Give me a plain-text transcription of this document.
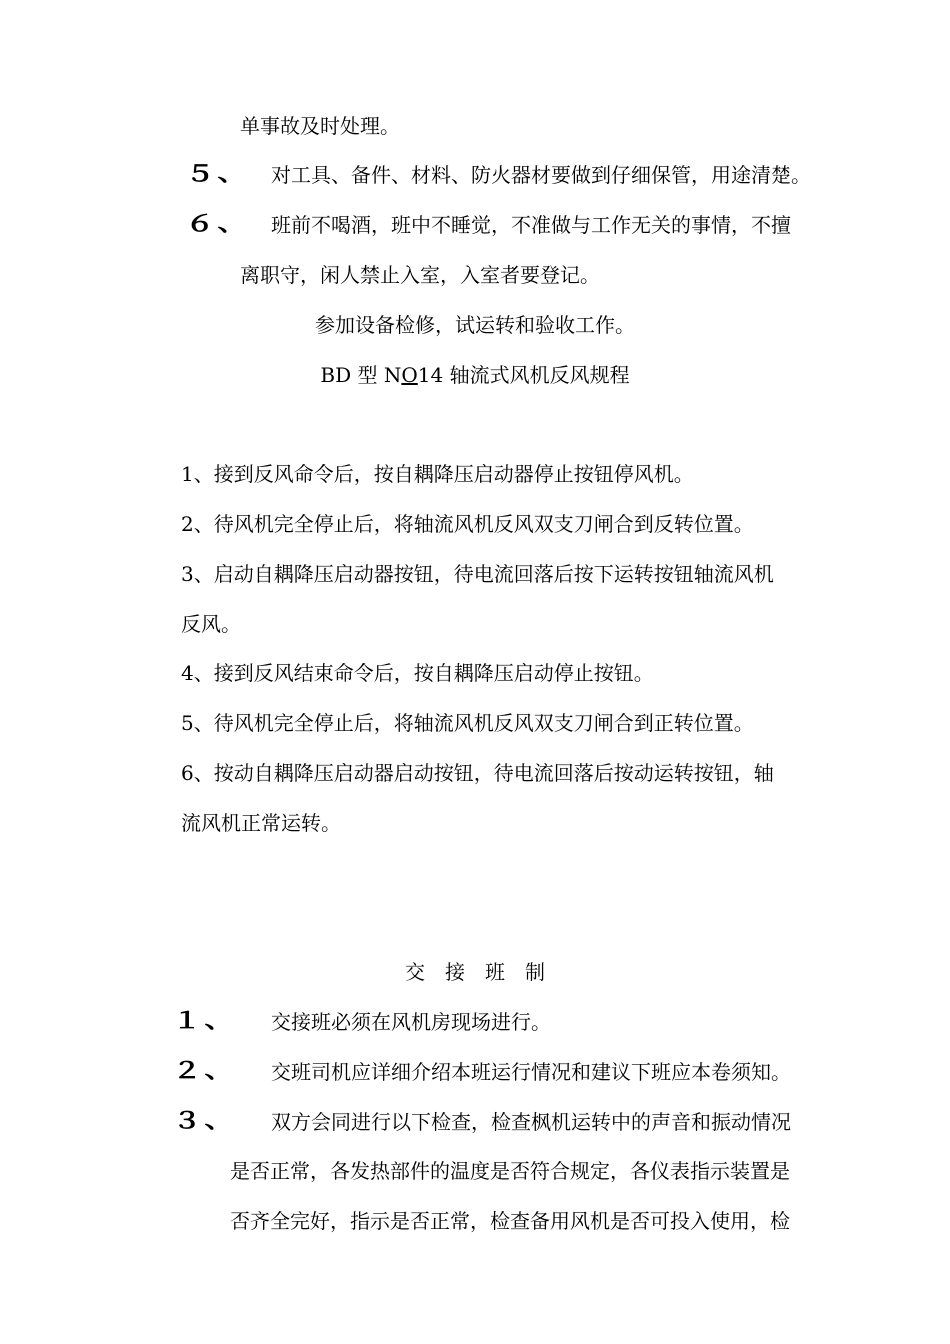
单事故及时处理。
５、 对工具、备件、材料、防火器材要做到仔细保管，用途清楚。
６、 班前不喝酒，班中不睡觉，不准做与工作无关的事情，不擅
离职守，闲人禁止入室，入室者要登记。
参加设备检修，试运转和验收工作。
BD 型 NO14 轴流式风机反风规程
1、接到反风命令后，按自耦降压启动器停止按钮停风机。
2、待风机完全停止后，将轴流风机反风双支刀闸合到反转位置。
3、启动自耦降压启动器按钮，待电流回落后按下运转按钮轴流风机
反风。
4、接到反风结束命令后，按自耦降压启动停止按钮。
5、待风机完全停止后，将轴流风机反风双支刀闸合到正转位置。
6、按动自耦降压启动器启动按钮，待电流回落后按动运转按钮，轴
流风机正常运转。
交接班制
１、 交接班必须在风机房现场进行。
２、 交班司机应详细介绍本班运行情况和建议下班应本卷须知。
３、 双方会同进行以下检查，检查枫机运转中的声音和振动情况
是否正常，各发热部件的温度是否符合规定，各仪表指示装置是
否齐全完好，指示是否正常，检查备用风机是否可投入使用，检
